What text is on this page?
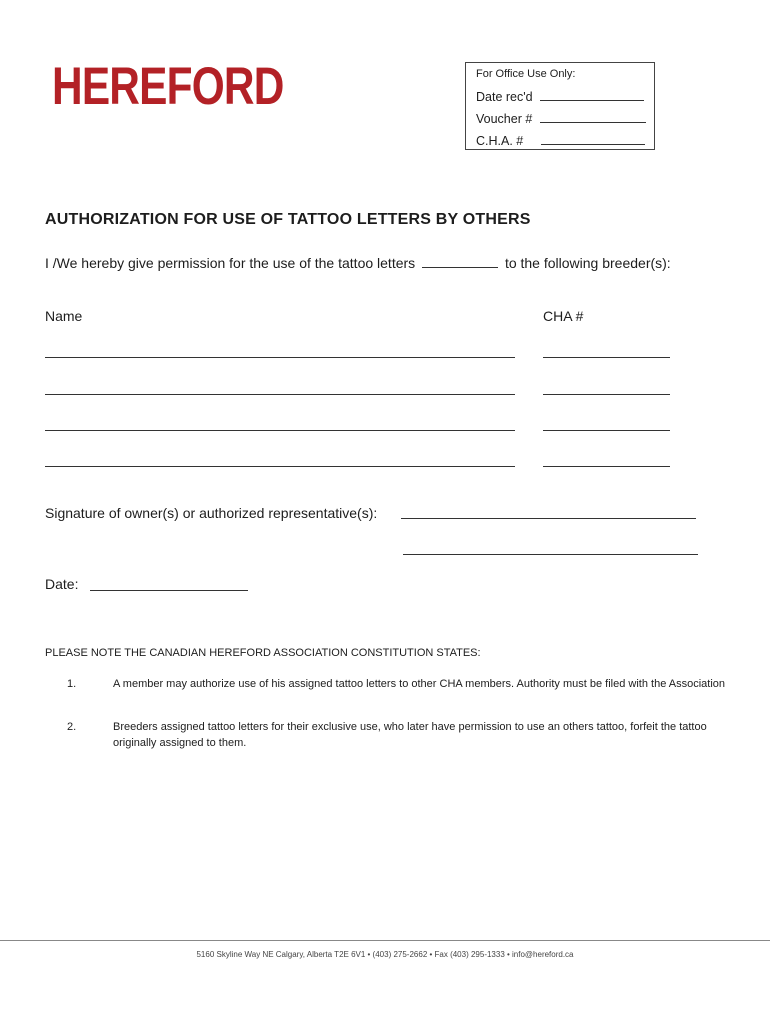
HEREFORD	For Office Use Only:
Date rec'd
Voucher #
C.H.A. #
AUTHORIZATION FOR USE OF TATTOO LETTERS BY OTHERS
I /We hereby give permission for the use of the tattoo letters	to the following breeder(s):
Name	CHA #
Signature of owner(s) or authorized representative(s):
Date:
PLEASE NOTE THE CANADIAN HEREFORD ASSOCIATION CONSTITUTION STATES:
1.	A member may authorize use of his assigned tattoo letters to other CHA members. Authority must be filed with the Association
2.	Breeders assigned tattoo letters for their exclusive use, who later have permission to use an others tattoo, forfeit the tattoo originally assigned to them.
5160 Skyline Way NE Calgary, Alberta T2E 6V1 • (403) 275-2662 • Fax (403) 295-1333 • info@hereford.ca
